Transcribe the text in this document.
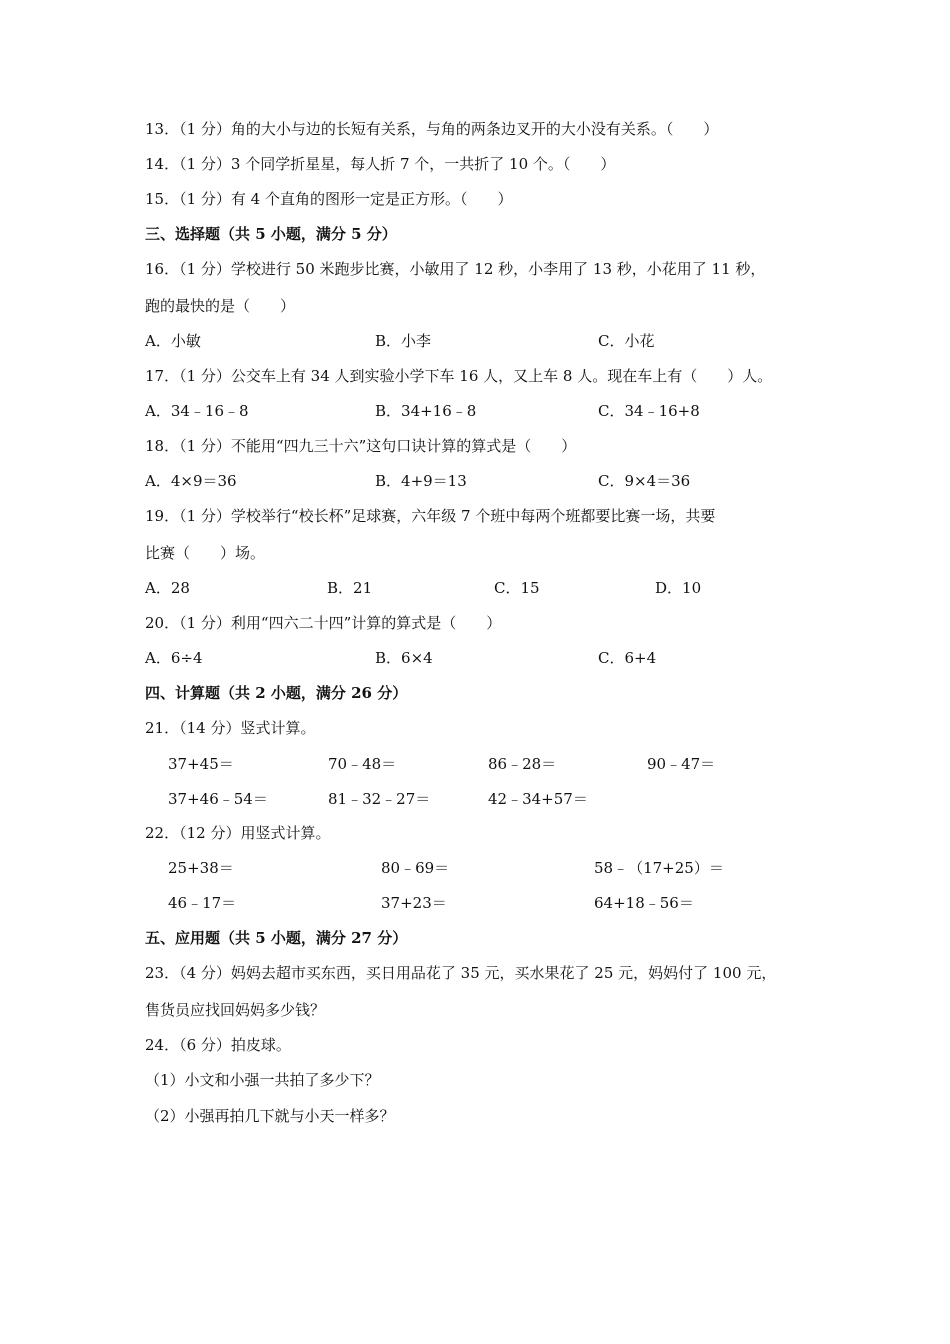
13．（1 分）角的大小与边的长短有关系，与角的两条边叉开的大小没有关系。（　　）
14．（1 分）3 个同学折星星，每人折 7 个，一共折了 10 个。（　　）
15．（1 分）有 4 个直角的图形一定是正方形。（　　）
三、选择题（共 5 小题，满分 5 分）
16．（1 分）学校进行 50 米跑步比赛，小敏用了 12 秒，小李用了 13 秒，小花用了 11 秒，
跑的最快的是（　　）
A．小敏	B．小李	C．小花
17．（1 分）公交车上有 34 人到实验小学下车 16 人，又上车 8 人。现在车上有（　　）人。
A．34﹣16﹣8	B．34+16﹣8	C．34﹣16+8
18．（1 分）不能用“四九三十六”这句口诀计算的算式是（　　）
A．4×9＝36	B．4+9＝13	C．9×4＝36
19．（1 分）学校举行“校长杯”足球赛，六年级 7 个班中每两个班都要比赛一场，共要
比赛（　　）场。
A．28	B．21	C．15	D．10
20．（1 分）利用“四六二十四”计算的算式是（　　）
A．6÷4	B．6×4	C．6+4
四、计算题（共 2 小题，满分 26 分）
21．（14 分）竖式计算。
37+45＝	70﹣48＝	86﹣28＝	90﹣47＝
37+46﹣54＝	81﹣32﹣27＝	42﹣34+57＝
22．（12 分）用竖式计算。
25+38＝	80﹣69＝	58﹣（17+25）＝
46﹣17＝	37+23＝	64+18﹣56＝
五、应用题（共 5 小题，满分 27 分）
23．（4 分）妈妈去超市买东西，买日用品花了 35 元，买水果花了 25 元，妈妈付了 100 元，
售货员应找回妈妈多少钱？
24．（6 分）拍皮球。
（1）小文和小强一共拍了多少下？
（2）小强再拍几下就与小天一样多？
